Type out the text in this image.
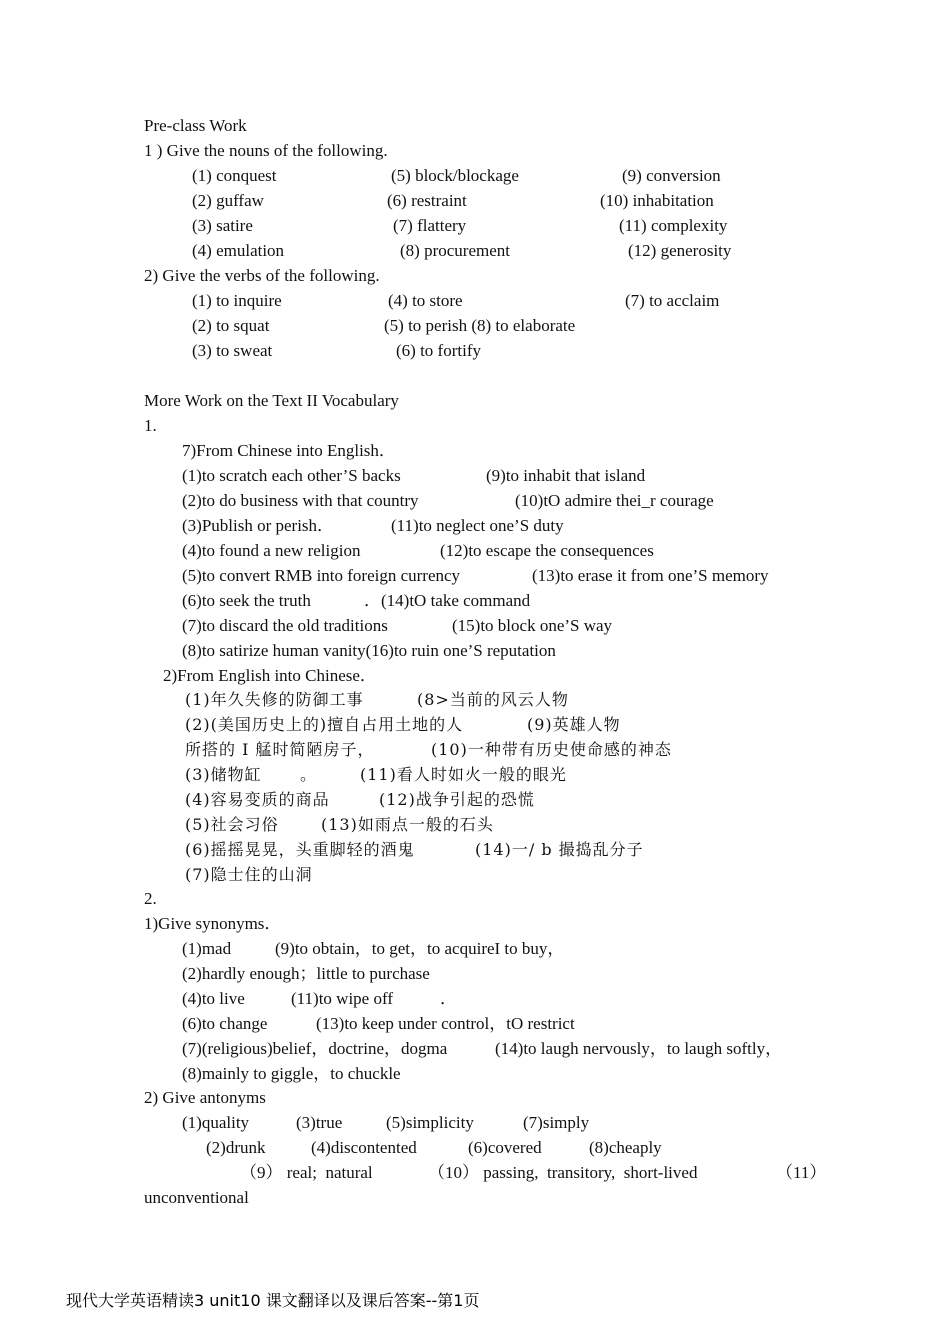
Pre-class Work
1 ) Give the nouns of the following.
(1) conquest	(5) block/blockage	(9) conversion
(2) guffaw	(6) restraint	(10) inhabitation
(3) satire	(7) flattery	(11) complexity
(4) emulation	(8) procurement	(12) generosity
2) Give the verbs of the following.
(1) to inquire	(4) to store	(7) to acclaim
(2) to squat	(5) to perish (8) to elaborate
(3) to sweat	(6) to fortify
More Work on the Text II Vocabulary
1.
7)From Chinese into English．
(1)to scratch each other’S backs	(9)to inhabit that island
(2)to do business with that country	(10)tO admire thei_r courage
(3)Publish or perish．	(11)to neglect one’S duty
(4)to found a new religion	(12)to escape the consequences
(5)to convert RMB into foreign currency	(13)to erase it from one’S memory
(6)to seek the truth	．(14)tO take command
(7)to discard the old traditions	(15)to block one’S way
(8)to satirize human vanity(16)to ruin one’S reputation
2)From English into Chinese．
(1)年久失修的防御工事	(8>当前的风云人物
(2)(美国历史上的)擅自占用土地的人	(9)英雄人物
所搭的 I 艋时简陋房子，	(10)一种带有历史使命感的神态
(3)储物缸 。	(11)看人时如火一般的眼光
(4)容易变质的商品	(12)战争引起的恐慌
(5)社会习俗	(13)如雨点一般的石头
(6)摇摇晃晃，头重脚轻的酒鬼	(14)一∕ b 撮捣乱分子
(7)隐士住的山洞
2.
1)Give synonyms．
(1)mad	(9)to obtain，to get，to acquireI to buy，
(2)hardly enough；little to purchase
(4)to live	(11)to wipe off	．
(6)to change	(13)to keep under control，tO restrict
(7)(religious)belief，doctrine，dogma	(14)to laugh nervously，to laugh softly，
(8)mainly to giggle，to chuckle
2) Give antonyms
(1)quality	(3)true	(5)simplicity	(7)simply
(2)drunk	(4)discontented	(6)covered	(8)cheaply
（9） real;  natural	（10） passing,  transitory,  short-lived	（11）
unconventional
现代大学英语精读3 unit10 课文翻译以及课后答案--第1页
